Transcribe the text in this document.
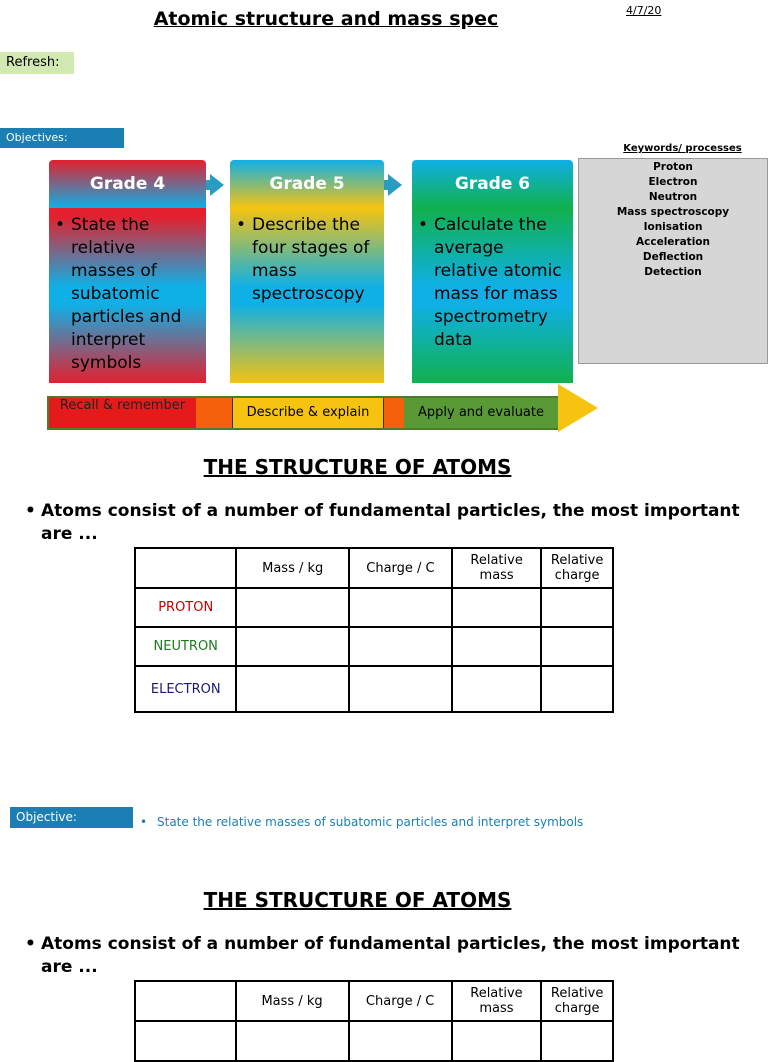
Atomic structure and mass spec	4/7/20
Refresh:
Objectives:
Grade 4	Grade 5	Grade 6
• State the relative masses of subatomic particles and interpret symbols
• Describe the four stages of mass spectroscopy
• Calculate the average relative atomic mass for mass spectrometry data
Keywords/ processes
Proton
Electron
Neutron
Mass spectroscopy
Ionisation
Acceleration
Deflection
Detection
Recall & remember	Describe & explain	Apply and evaluate
THE STRUCTURE OF ATOMS
• Atoms consist of a number of fundamental particles, the most important are ...
	Mass / kg	Charge / C	Relative mass	Relative charge
PROTON				
NEUTRON				
ELECTRON				
Objective:	• State the relative masses of subatomic particles and interpret symbols
THE STRUCTURE OF ATOMS
• Atoms consist of a number of fundamental particles, the most important are ...
	Mass / kg	Charge / C	Relative mass	Relative charge
